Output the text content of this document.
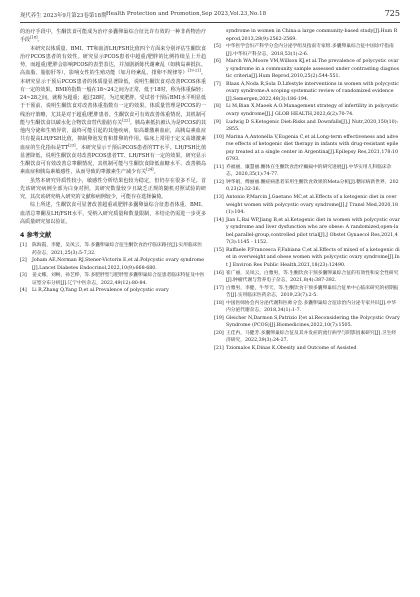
现代养生 2023年9月第23卷第18期 Health Protection and Promotion,Sep 2023,Vol.23,No.18	725

的治疗手段中，生酮饮食可能成为治疗多囊卵巢综合征比许有效的一种非药物治疗手段[18]。

本研究以体质量、BMI、TT和血清LH/FSH比值四个方面来分别评估生酮饮食治疗PCOS患者的有效性。研究显示PCOS患者中超重/肥胖的比例持续呈上升趋势，而超重/肥胖会影响PCOS的表型表达，并加剧新陈代谢紊乱（如胰岛素抵抗、高血脂、脂肪肝等），影响女性的生殖功能（如月经紊乱、排卵不规律等）[19-21]。本研究显示干预后PCOS患者的体质量显著降低，说明生酮饮食对改善PCOS体重有一定的效果。BMI的指数一般在18~24之间为正常，低于18时，称为体重偏轻；24~28之间，就称为超重；超过28时，为过度肥胖。受试者干预后BMI水平明显低于干预前，说明生酮饮食对改善体重指数有一定的效果。体质量管理是PCOS的一线治疗策略，尤其是对于超重/肥胖患者。生酮饮食可有效改善体重情况，其机制可能与生酮饮食以碳水化合物饮食替代脂肪有关[22]。胰岛素抵抗被认为是PCOS的其他内分泌和生殖异常，最终可能引起的其他疾病，如高雄激素血症，高胰岛素血症共有提高LH/FSH比值，抑制卵泡发育和排卵的作用。临床上常用于定义高雄激素血症的生化指标是TT[23]。本研究显示干预后PCOS患者的TT水平、LH/FSH比值显著降低，说明生酮饮食对改善PCOS患者TT、LH/FSH有一定的效果。研究显示生酮饮食可有效改善总睾酮情况，其机制可能与生酮饮食降低血糖水平、改善胰岛素血症和胰岛素敏感性，从而导致的睾激素生产减少有关[24]。

虽然本研究异质性较小，敏感性分析结果也较为稳定，但仍存在很多不足。首先该研究病例全部为白身对照，其研究数量较少且缺乏正规的随机对照试验的研究，其次该研究纳入研究的文献和病例较少，可能存在选择偏倚。

综上所述，生酮饮食可显著改善超重或肥胖多囊卵巢综合征患者体重、BMI、血清总睾酮及LH/FSH水平，受纳入研究质量和数量限制，本结论仍需进一步更多高质量研究加以验证。

4 参考文献
[1] 陈海霞，李健，吴凤云，等.多囊卵巢综合征生酮饮食治疗临床路径[J].实用临床医药杂志，2021,25(3):5-7,32.
[2] Joham AE,Norman RJ,Stener-Victorin E,et al.Polycystic ovary syndrome[J].Lancet Diabetes Endocrinol,2022,10(9):668-680.
[3] 姜文娜，刘畅，孙艺桦，等.多肥胖型与肥胖型多囊卵巢综合征患者临床特征及中医证型分布分析[J].辽宁中医杂志，2022,49(12):80-84.
[4] Li R,Zhang Q,Yang D,et al.Prevalence of polycystic ovary
syndrome in women in China:a large community-based study[J].Hum Reprod,2013,28(9):2562-2569.
[5] 中华医学会妇产科学分会内分泌学组及指南专家组.多囊卵巢综合征中国诊疗指南[J].中华妇产科杂志，2018,53(1):2-6.
[6] March WA,Moore VM,Willson KJ,et al.The prevalence of polycystic ovary syndrome in a community sample assessed under contrasting diagnostic criteria[J].Hum Reprod,2010,25(2):544-551.
[7] Blaax A,Noda R,Sola D.Lifestyle interventions in women with polycystic ovary syndrome:A scoping systematic review of randomized evidence[J].Semergen,2022,48(3):186-194.
[8] Li M,Bian X,Maoek A.O.Management strategy of infertility in polycystic ovary syndrome[J].J GLOB HEALTH,2022,6(2):70-74.
[9] Ludwig D S.Ketogenic Diet:Risks and Downfalls[J].J Nutr,2020,150(10):2855.
[10] Marina A,Antonella V,Eugenia C,et al.Long-term effectiveness and adverse effects of ketogenic diet therapy in infants with drug-resistant epilepsy treated at a single center in Argentina[J].Epilepsy Res,2021,178:106793.
[11] 乔福丽，廉慧丽.酮体在生酮饮食治疗癫痫中的研究进展[J].中华实用儿科临床杂志，2020,35(1):74-77.
[12] 钟华娟，傅丽丽.酮症病患者采用生酮饮食效果的Meta分析[J].糖尿病新世界，2020,23(2):32-36.
[13] Antonio P,Marcin J,Gaetano MC,et al.Effects of a ketogenic diet in overweight women with polycystic ovary syndrome[J].J Transl Med,2020,18(1):104.
[14] Jian L,Bai WP,Jiang B,et al.Ketogenic diet in women with polycystic ovary syndrome and liver dysfunction who are obese: A randomized,open-label,parallel-group,controlled pilot trial[J].J Obstet Gynaecol Res,2021,47(3):1145 - 1152.
[15] Raffaele P,Francesca F,Fabiana C,et al.Effects of mixed of a ketogenic diet in overweight and obese women with polycystic ovary syndrome[J].Int J Environ Res Public Health,2021,18(23):12490.
[16] 崔广丽，吴凤云，白雅男，等.生酮饮食干预多囊卵巢综合征的有效性和安全性研究[J].肿瘤代谢与营养电子杂志，2021,8(4):387-392.
[17] 白雅男，李健，牛琴天，等.生酮饮食干预多囊卵巢综合征单中心临床研究的初期报告[J].实用临床医药杂志，2019,23(7):2-5.
[18] 中国医师协会内分泌代谢科医师分会.多囊卵巢综合征诊治内分泌专家共识[J].中华内分泌代谢杂志，2018,34(1):1-7.
[19] Gleicher N,Darmon S,Patrizio P,et al.Reconsidering the Polycystic Ovary Syndrome (PCOS)[J].Biomedicines,2022,10(7):1505.
[20] 王佳冉，马健芳.多囊卵巢综合征及其并发症的流行病学与阴影因素研究[J].卫生经济研究，2022,39(3):24-27.
[21] Tziomalos K,Dinas K.Obesity and Outcome of Assisted
